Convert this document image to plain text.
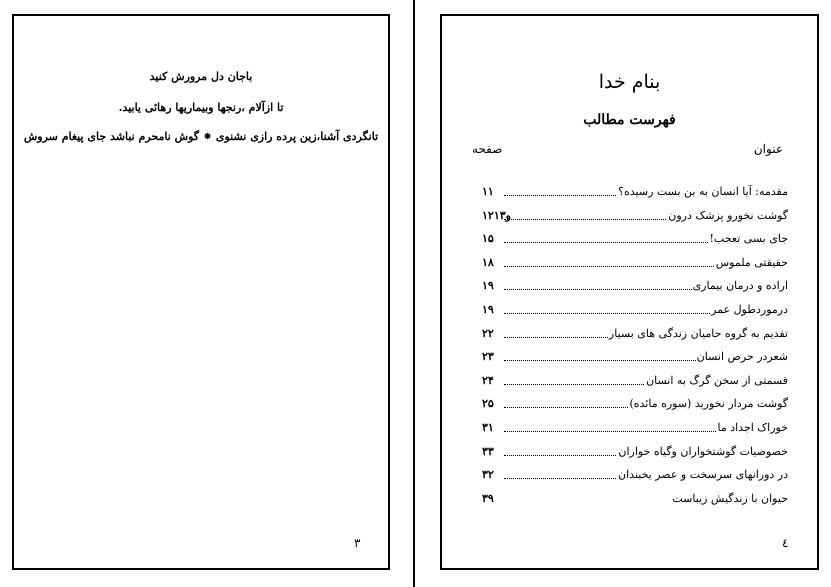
باجان دل مرورش کنید
تا ازآلام ،رنجها وبیماریها رهائی یابید.
تانگردی آشنا،زین پرده رازی نشنوی ⁕ گوش نامحرم نباشد جای پیغام سروش
۳
بنام خدا
فهرست مطالب
عنوان
صفحه
مقدمه: آیا انسان به بن بست رسیده؟
۱۱
گوشت نخورو پزشک درون
۱۲و۱۳
جای بسی تعجب!
۱۵
حقیقتی ملموس
۱۸
اراده و درمان بیماری
۱۹
درموردطول عمر
۱۹
تقدیم به گروه حامیان زندگی های بسیار
۲۲
شعردر حرص انسان
۲۳
قسمتی از سخن گرگ به انسان
۲۴
گوشت مردار نخورید (سوره مائده)
۲۵
خوراک اجداد ما
۳۱
خصوصیات گوشتخواران وگیاه خواران
۳۳
در دورانهای سرسخت و عصر یخبندان
۳۲
حیوان با زندگیش زیباست
۳۹
٤
